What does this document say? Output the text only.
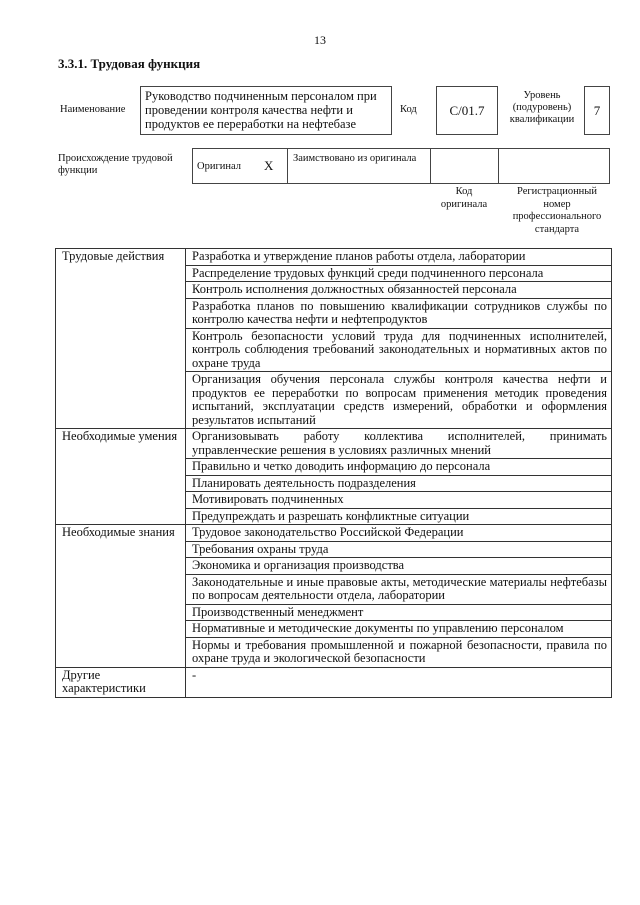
13
3.3.1. Трудовая функция
Наименование
Руководство подчиненным персоналом при проведении контроля качества нефти и продуктов ее переработки на нефтебазе
Код	C/01.7
Уровень (подуровень) квалификации
7
Происхождение трудовой функции	Оригинал X Заимствовано из оригинала
Код оригинала
Регистрационный номер профессионального стандарта
Трудовые действия	Разработка и утверждение планов работы отдела, лаборатории
	Распределение трудовых функций среди подчиненного персонала
	Контроль исполнения должностных обязанностей персонала
	Разработка планов по повышению квалификации сотрудников службы по контролю качества нефти и нефтепродуктов
	Контроль безопасности условий труда для подчиненных исполнителей, контроль соблюдения требований законодательных и нормативных актов по охране труда
	Организация обучения персонала службы контроля качества нефти и продуктов ее переработки по вопросам применения методик проведения испытаний, эксплуатации средств измерений, обработки и оформления результатов испытаний
Необходимые умения	Организовывать работу коллектива исполнителей, принимать управленческие решения в условиях различных мнений
	Правильно и четко доводить информацию до персонала
	Планировать деятельность подразделения
	Мотивировать подчиненных
	Предупреждать и разрешать конфликтные ситуации
Необходимые знания	Трудовое законодательство Российской Федерации
	Требования охраны труда
	Экономика и организация производства
	Законодательные и иные правовые акты, методические материалы нефтебазы по вопросам деятельности отдела, лаборатории
	Производственный менеджмент
	Нормативные и методические документы по управлению персоналом
	Нормы и требования промышленной и пожарной безопасности, правила по охране труда и экологической безопасности
Другие характеристики	-
